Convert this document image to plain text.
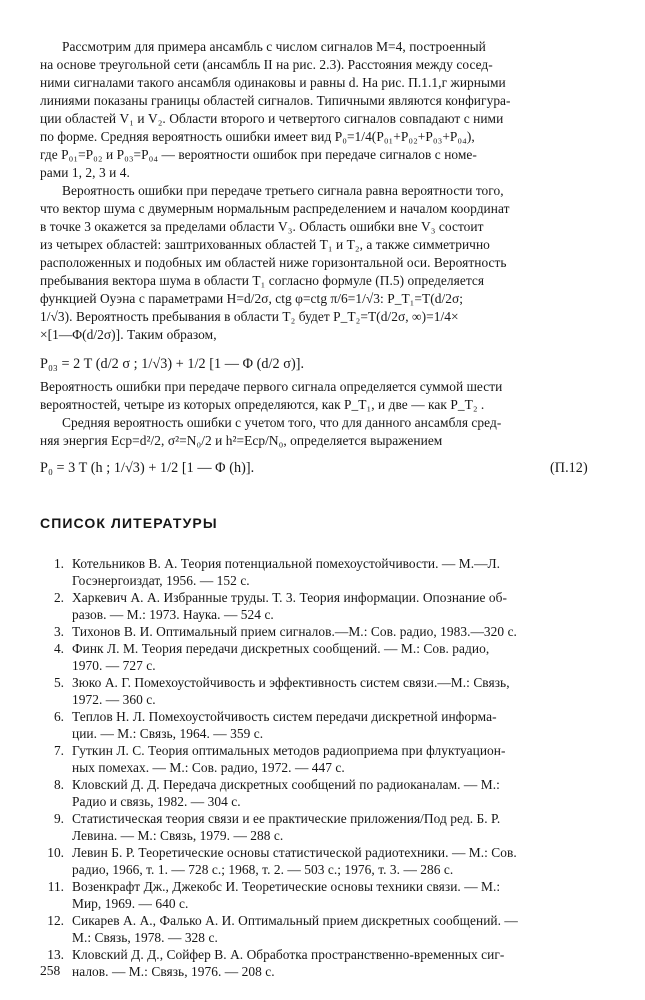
Рассмотрим для примера ансамбль с числом сигналов M=4, построенный
на основе треугольной сети (ансамбль II на рис. 2.3). Расстояния между сосед-
ними сигналами такого ансамбля одинаковы и равны d. На рис. П.1.1,г жирными
линиями показаны границы областей сигналов. Типичными являются конфигура-
ции областей V₁ и V₂. Области второго и четвертого сигналов совпадают с ними
по форме. Средняя вероятность ошибки имеет вид P₀=1/4(P₀₁+P₀₂+P₀₃+P₀₄),
где P₀₁=P₀₂ и P₀₃=P₀₄ — вероятности ошибок при передаче сигналов с номе-
рами 1, 2, 3 и 4.
Вероятность ошибки при передаче третьего сигнала равна вероятности того,
что вектор шума с двумерным нормальным распределением и началом координат
в точке 3 окажется за пределами области V₃. Область ошибки вне V₃ состоит
из четырех областей: заштрихованных областей T₁ и T₂, а также симметрично
расположенных и подобных им областей ниже горизонтальной оси. Вероятность
пребывания вектора шума в области T₁ согласно формуле (П.5) определяется
функцией Оуэна с параметрами H=d/2σ, ctg φ=ctg π/6=1/√3: P_T₁=T(d/2σ;
1/√3). Вероятность пребывания в области T₂ будет P_T₂=T(d/2σ, ∞)=1/4×
×[1—Φ(d/2σ)]. Таким образом,
P₀₃ = 2 T (d/2 σ ; 1/√3) + 1/2 [1 — Φ (d/2 σ)].
Вероятность ошибки при передаче первого сигнала определяется суммой шести
вероятностей, четыре из которых определяются, как P_T₁, и две — как P_T₂ .
Средняя вероятность ошибки с учетом того, что для данного ансамбля сред-
няя энергия Eср=d²/2, σ²=N₀/2 и h²=Eср/N₀, определяется выражением
P₀ = 3 T (h ; 1/√3) + 1/2 [1 — Φ (h)].	(П.12)
СПИСОК ЛИТЕРАТУРЫ
1. Котельников В. А. Теория потенциальной помехоустойчивости. — М.—Л.
Госэнергоиздат, 1956. — 152 с.
2. Харкевич А. А. Избранные труды. Т. 3. Теория информации. Опознание об-
разов. — М.: 1973. Наука. — 524 с.
3. Тихонов В. И. Оптимальный прием сигналов.—М.: Сов. радио, 1983.—320 с.
4. Финк Л. М. Теория передачи дискретных сообщений. — М.: Сов. радио,
1970. — 727 с.
5. Зюко А. Г. Помехоустойчивость и эффективность систем связи.—М.: Связь,
1972. — 360 с.
6. Теплов Н. Л. Помехоустойчивость систем передачи дискретной информа-
ции. — М.: Связь, 1964. — 359 с.
7. Гуткин Л. С. Теория оптимальных методов радиоприема при флуктуацион-
ных помехах. — М.: Сов. радио, 1972. — 447 с.
8. Кловский Д. Д. Передача дискретных сообщений по радиоканалам. — М.:
Радио и связь, 1982. — 304 с.
9. Статистическая теория связи и ее практические приложения/Под ред. Б. Р.
Левина. — М.: Связь, 1979. — 288 с.
10. Левин Б. Р. Теоретические основы статистической радиотехники. — М.: Сов.
радио, 1966, т. 1. — 728 с.; 1968, т. 2. — 503 с.; 1976, т. 3. — 286 с.
11. Возенкрафт Дж., Джекобс И. Теоретические основы техники связи. — М.:
Мир, 1969. — 640 с.
12. Сикарев А. А., Фалько А. И. Оптимальный прием дискретных сообщений. —
М.: Связь, 1978. — 328 с.
13. Кловский Д. Д., Сойфер В. А. Обработка пространственно-временных сиг-
налов. — М.: Связь, 1976. — 208 с.
258
